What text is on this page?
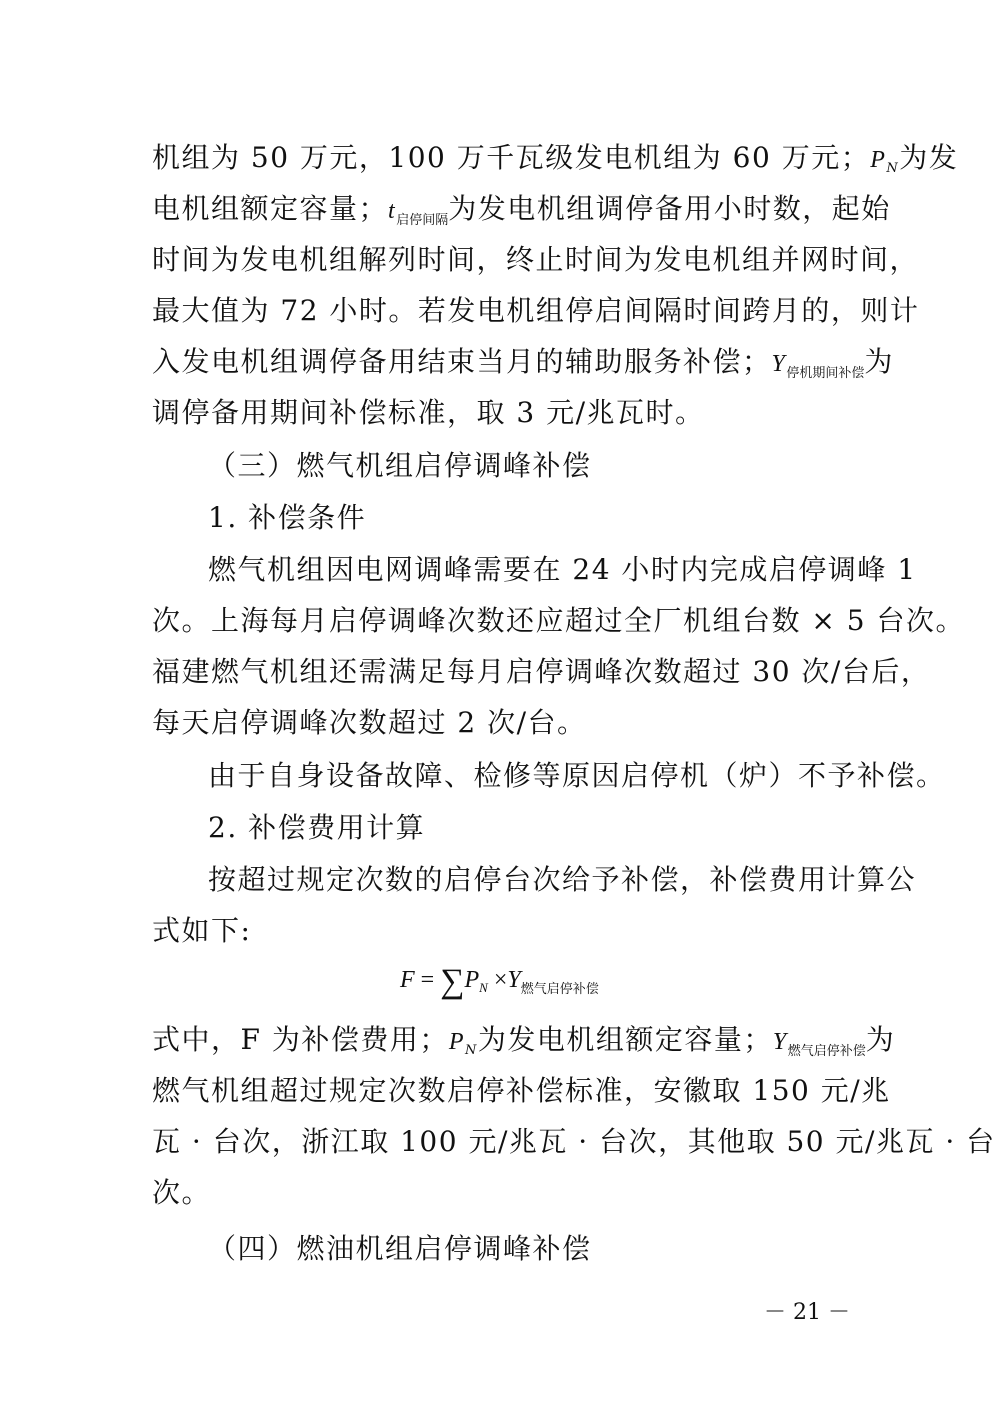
机组为 50 万元，100 万千瓦级发电机组为 60 万元；PN为发
电机组额定容量；$t_{启停间隔}$为发电机组调停备用小时数，起始
时间为发电机组解列时间，终止时间为发电机组并网时间，
最大值为 72 小时。若发电机组停启间隔时间跨月的，则计
入发电机组调停备用结束当月的辅助服务补偿；$Y_{停机期间补偿}$为
调停备用期间补偿标准，取 3 元/兆瓦时。
（三）燃气机组启停调峰补偿
1. 补偿条件
燃气机组因电网调峰需要在 24 小时内完成启停调峰 1
次。上海每月启停调峰次数还应超过全厂机组台数 × 5 台次。
福建燃气机组还需满足每月启停调峰次数超过 30 次/台后，
每天启停调峰次数超过 2 次/台。
由于自身设备故障、检修等原因启停机（炉）不予补偿。
2. 补偿费用计算
按超过规定次数的启停台次给予补偿，补偿费用计算公
式如下:
$F = \sum P_N \times Y_{燃气启停补偿}$
式中，F 为补偿费用；PN为发电机组额定容量；$Y_{燃气启停补偿}$为
燃气机组超过规定次数启停补偿标准，安徽取 150 元/兆
瓦 · 台次，浙江取 100 元/兆瓦 · 台次，其他取 50 元/兆瓦 · 台
次。
（四）燃油机组启停调峰补偿
－ 21 －
